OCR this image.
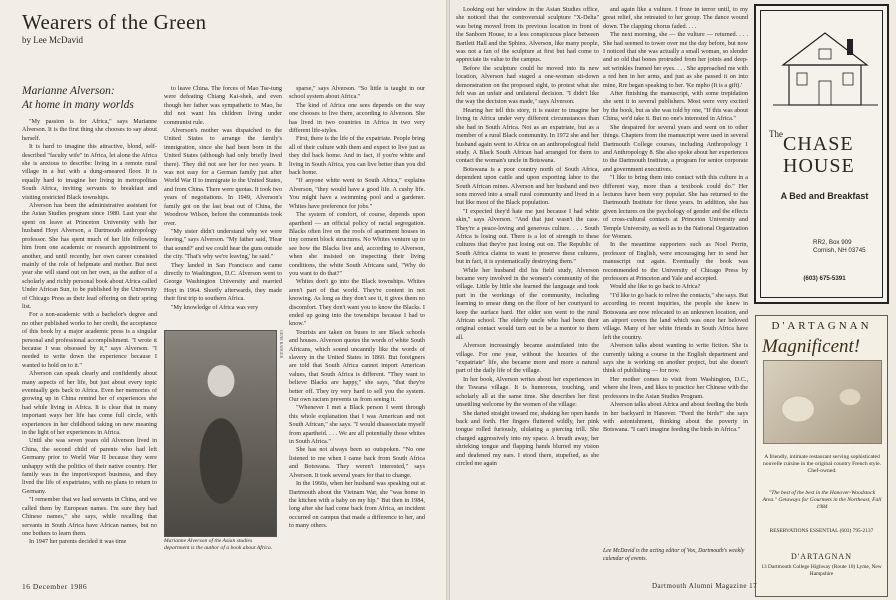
Wearers of the Green
by Lee McDavid
Marianne Alverson:
At home in many worlds

"My passion is for Africa," says Marianne Alverson. It is the first thing she chooses to say about herself.

It is hard to imagine this attractive, blond, self-described "faculty wife" in Africa, let alone the Africa she is anxious to describe: living in a remote rural village in a hut with a dung-smeared floor. It is equally hard to imagine her living in metropolitan South Africa, inviting servants to breakfast and visiting restricted Black townships.

Alverson has been the administrative assistant for the Asian Studies program since 1980. Last year she spent on leave at Princeton University with her husband Hoyt Alverson, a Dartmouth anthropology professor. She has spent much of her life following him from one academic or research appointment to another, and until recently, her own career consisted mainly of the role of helpmate and mother. But next year she will stand out on her own, as the author of a scholarly and richly personal book about Africa called Under African Sun, to be published by the University of Chicago Press as their lead offering on their spring list.

For a non-academic with a bachelor's degree and no other published works to her credit, the acceptance of this book by a major academic press is a singular personal and professional accomplishment. "I wrote it because I was obsessed by it," says Alverson. "I needed to write down the experience because I wanted to hold on to it."

Alverson can speak clearly and confidently about many aspects of her life, but just about every topic eventually gets back to Africa. Even her memories of growing up in China remind her of experiences she had while living in Africa. It is clear that in many important ways her life has come full circle, with experiences in her childhood taking on new meaning in the light of her experiences in Africa.

Until she was seven years old Alverson lived in China, the second child of parents who had left Germany prior to World War II because they were unhappy with the politics of their native country. Her family was in the import/export business, and they lived the life of expatriates, with no plans to return to Germany.

"I remember that we had servants in China, and we called them by European names. I'm sure they had Chinese names," she says, while recalling that servants in South Africa have African names, but no one bothers to learn them.

In 1947 her parents decided it was time

to leave China. The forces of Mao Tse-tung were defeating Chiang Kai-shek, and even though her father was sympathetic to Mao, he did not want his children living under communist rule.

Alverson's mother was dispatched to the United States to arrange the family's immigration, since she had been born in the United States (although had only briefly lived there). They did not see her for two years. It was not easy for a German family just after World War II to immigrate to the United States, and from China. There were quotas. It took two years of negotiations. In 1949, Alverson's family got on the last boat out of China, the Woodrow Wilson, before the communists took over.

"My sister didn't understand why we were leaving," says Alverson. "My father said, 'Hear that sound?' and we could hear the guns outside the city. 'That's why we're leaving,' he said."

They landed in San Francisco and came directly to Washington, D.C. Alverson went to George Washington University and married Hoyt in 1964. Shortly afterwards, they made their first trip to southern Africa.

"My knowledge of Africa was very

sparse," says Alverson. "So little is taught in our school system about Africa."

The kind of Africa one sees depends on the way one chooses to live there, according to Alverson. She has lived in two countries in Africa in two very different life-styles.

First, there is the life of the expatriate. People bring all of their culture with them and expect to live just as they did back home. And in fact, if you're white and living in South Africa, you can live better than you did back home.

"If anyone white went to South Africa," explains Alverson, "they would have a good life. A cushy life. You might have a swimming pool and a gardener. Whites have preference for jobs."

The system of comfort, of course, depends upon apartheid — an official policy of racial segregation. Blacks often live on the roofs of apartment houses in tiny cement block structures. No Whites venture up to see how the Blacks live and, according to Alverson, when she insisted on inspecting their living conditions, the white South Africans said, "Why do you want to do that?"

Whites don't go into the Black townships. Whites aren't part of that world. They're content in not knowing. As long as they don't see it, it gives them no discomfort. They don't want you to know the Blacks. I ended up going into the townships because I had to know."

Tourists are taken on buses to see Black schools and houses. Alverson quotes the words of white South Africans, which sound uncannily like the words of slavery in the United States in 1860. But foreigners are told that South Africa cannot import American values, that South Africa is different. "They want to believe Blacks are happy," she says, "that they're better off. They try very hard to sell you the system. Our own racism prevents us from seeing it.

"Whenever I met a Black person I went through this whole explanation that I was American and not South African," she says. "I would disassociate myself from apartheid. . . . We are all potentially those whites in South Africa."

She has not always been so outspoken. "No one listened to me when I came back from South Africa and Botswana. They weren't interested," says Alverson. It took several years for that to change.

In the 1960s, when her husband was speaking out at Dartmouth about the Vietnam War, she "was home in the kitchen with a baby on my hip." But then in 1984, long after she had come back from Africa, an incident occurred on campus that made a difference to her, and to many others.

GENE BADGER
Marianne Alverson of the Asian studies department is the author of a book about Africa.
16 December 1986

Looking out her window in the Asian Studies office, she noticed that the controversial sculpture "X-Delta" was being moved from its previous location in front of the Sanborn House, to a less conspicuous place between Bartlett Hall and the Sphinx. Alverson, like many people, was not a fan of the sculpture at first but had come to appreciate its value to the campus.

Before the sculpture could be moved into its new location, Alverson had staged a one-woman sit-down demonstration on the proposed sight, to protest what she felt was an unfair and unilateral decision. "I didn't like the way the decision was made," says Alverson.

Hearing her tell this story, it is easier to imagine her living in Africa under very different circumstances than she had in South Africa. Not as an expatriate, but as a member of a rural Black community. In 1972 she and her husband again went to Africa on an anthropological field study. A Black South African had arranged for them to contact the woman's uncle in Botswana.

Botswana is a poor country north of South Africa, dependent upon cattle and upon exporting labor to the South African mines. Alverson and her husband and two sons moved into a small rural community and lived in a hut like most of the Black population.

"I expected they'd hate me just because I had white skin," says Alverson. "And that just wasn't the case. They're a peace-loving and generous culture. . . . South Africa is losing out. There is a lot of strength to these cultures that they're just losing out on. The Republic of South Africa claims to want to preserve these cultures, but in fact, it is systematically destroying them."

While her husband did his field study, Alverson became very involved in the women's community of the village. Little by little she learned the language and took part in the workings of the community, including learning to smear dung on the floor of her courtyard to keep the surface hard. Her older son went to the rural African school. The elderly uncle who had been their original contact would turn out to be a mentor to them all.

Alverson increasingly became assimilated into the village. For one year, without the luxuries of the "expatriate" life, she became more and more a natural part of the daily life of the village.

In her book, Alverson writes about her experiences in the Tswana village. It is humorous, touching, and scholarly all at the same time. She describes her first unsettling welcome by the women of the village:

She darted straight toward me, shaking her open hands back and forth. Her fingers fluttered wildly, her pink tongue rolled furiously, ululating a piercing trill. She charged aggressively into my space. A breath away, her shrieking tongue and flapping hands blurred my vision and deafened my ears. I stood there, stupefied, as she circled me again

and again like a vulture. I froze in terror until, to my great relief, she retreated to her group. The dance wound down. The clapping chorus faded. . . .

The next morning, she — the vulture — returned. . . . She had seemed to tower over me the day before, but now I noticed that she was actually a small woman, so slender and so old that bones protruded from her joints and deep-set wrinkles framed her eyes. . . . She approached me with a red hen in her arms, and just as she passed it on into mine, Rre began speaking to her. 'Ke mpho (It is a gift).'

After finishing the manuscript, with some trepidation she sent it to several publishers. Most were very excited by the book, but as she was told by one, "If this was about China, we'd take it. But no one's interested in Africa."

She despaired for several years and went on to other things. Chapters from the manuscript were used in several Dartmouth College courses, including Anthropology 1 and Anthropology 8. She also spoke about her experiences to the Dartmouth Institute, a program for senior corporate and government executives.

"I like to bring them into contact with this culture in a different way, more than a textbook could do." Her lectures have been very popular. She has returned to the Dartmouth Institute for three years. In addition, she has given lectures on the psychology of gender and the effects of cross-cultural contacts at Princeton University and Temple University, as well as to the National Organization for Women.

In the meantime supporters such as Noel Perrin, professor of English, were encouraging her to send her manuscript out again. Eventually the book was recommended to the University of Chicago Press by professors at Princeton and Yale and accepted.

Would she like to go back to Africa?

"I'd like to go back to relive the contacts," she says. But according to recent inquiries, the people she knew in Botswana are now relocated to an unknown location, and an airport covers the land which was once her beloved village. Many of her white friends in South Africa have left the country.

Alverson talks about wanting to write fiction. She is currently taking a course in the English department and says she is working on another project, but she doesn't think of publishing — for now.

Her mother comes to visit from Washington, D.C., where she lives, and likes to practice her Chinese with the professors in the Asian Studies Program.

Alverson talks about Africa and about feeding the birds in her backyard in Hanover. "Feed the birds!" she says with astonishment, thinking about the poverty in Botswana. "I can't imagine feeding the birds in Africa."

Lee McDavid is the acting editor of Vox, Dartmouth's weekly calendar of events.
The CHASE
HOUSE
A Bed and Breakfast
RR2, Box 909
Cornish, NH 03745
(603) 675-5391
D'ARTAGNAN
Magnificent!
A friendly, intimate restaurant serving sophisticated nouvelle cuisine in the original country French style. Chef-owned.
"The best of the best in the Hanover-Woodstock Area." Getaways for Gourmets in the Northeast, Fall 1984
RESERVATIONS ESSENTIAL (603) 795-2137
D'ARTAGNAN
13 Dartmouth College Highway (Route 10) Lyme, New Hampshire
Dartmouth Alumni Magazine 17
